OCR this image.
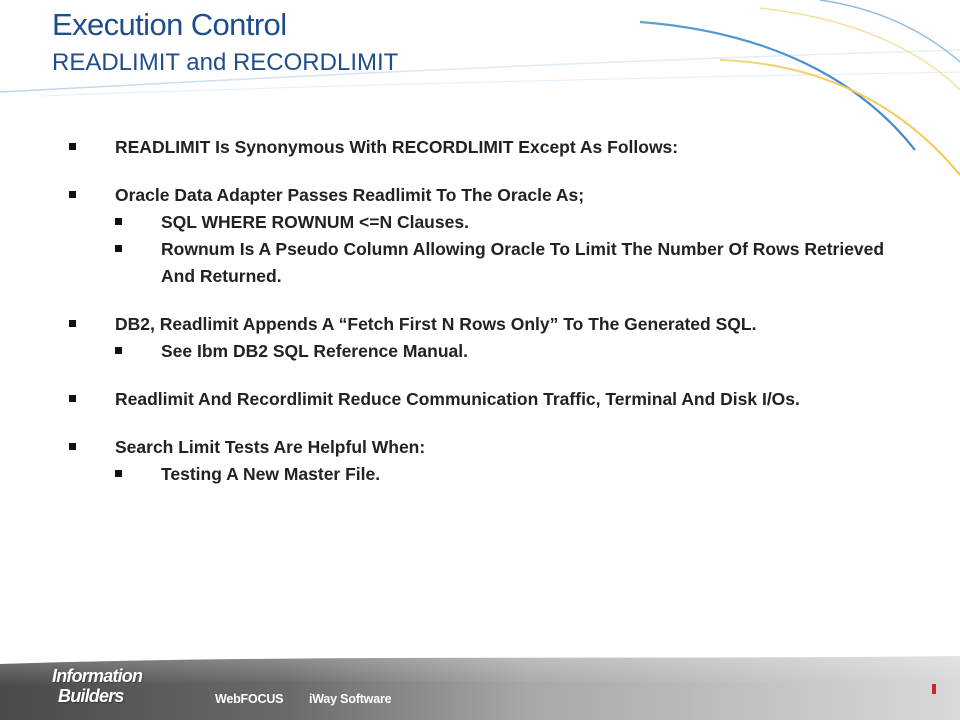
Execution Control
READLIMIT and RECORDLIMIT
READLIMIT Is Synonymous With RECORDLIMIT Except As Follows:
Oracle Data Adapter Passes Readlimit To The Oracle As;
SQL WHERE ROWNUM <=N Clauses.
Rownum Is A Pseudo Column Allowing Oracle To Limit The Number Of Rows Retrieved And Returned.
DB2, Readlimit Appends A “Fetch First N Rows Only” To The Generated SQL.
See Ibm DB2 SQL Reference Manual.
Readlimit And Recordlimit Reduce Communication Traffic, Terminal And Disk I/Os.
Search Limit Tests Are Helpful When:
Testing A New Master File.
Information
Builders	WebFOCUS iWay Software
